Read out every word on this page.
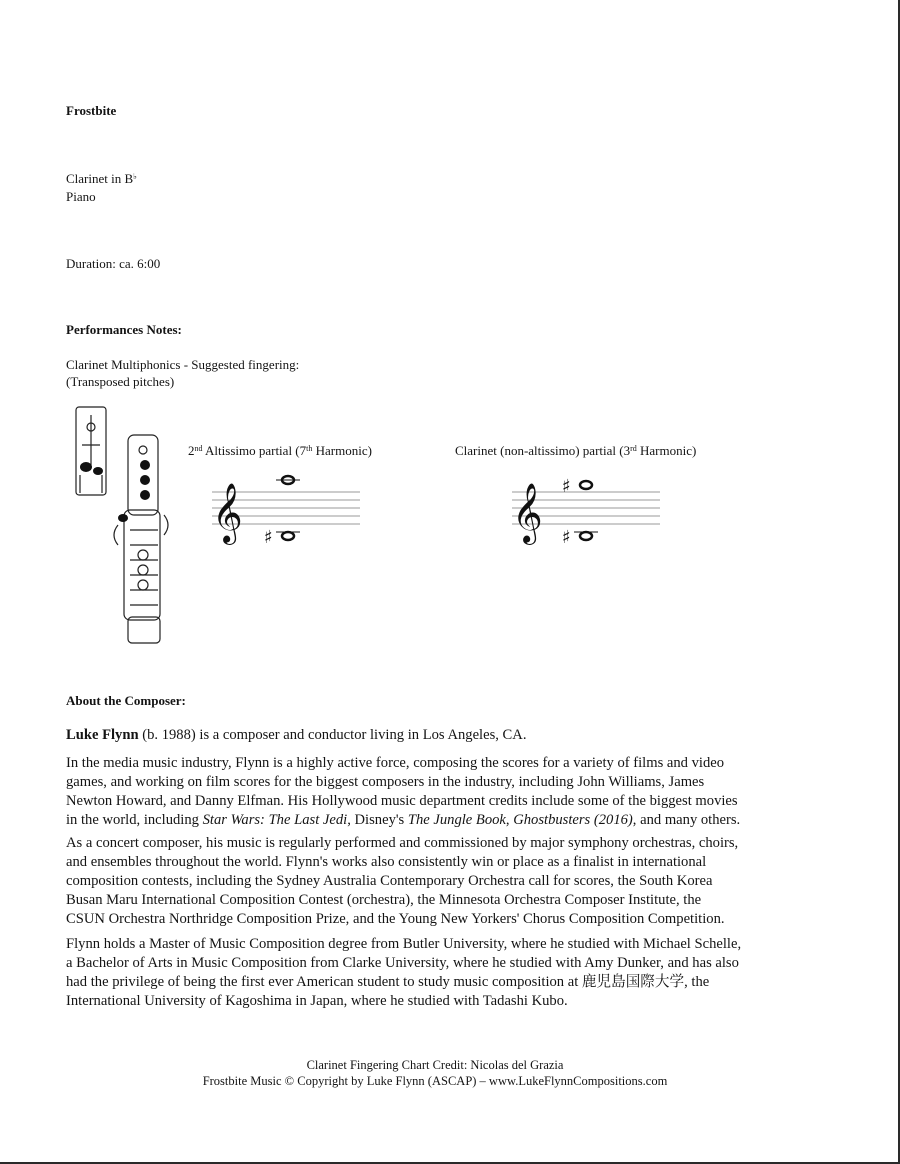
Frostbite
Clarinet in B♭
Piano
Duration: ca. 6:00
Performances Notes:
Clarinet Multiphonics - Suggested fingering:
(Transposed pitches)
2nd Altissimo partial (7th Harmonic)
𝄞 ♯
Clarinet (non-altissimo) partial (3rd Harmonic)
𝄞 ♯
♯
About the Composer:
Luke Flynn (b. 1988) is a composer and conductor living in Los Angeles, CA.
In the media music industry, Flynn is a highly active force, composing the scores for a variety of films and video
games, and working on film scores for the biggest composers in the industry, including John Williams, James
Newton Howard, and Danny Elfman. His Hollywood music department credits include some of the biggest movies
in the world, including Star Wars: The Last Jedi, Disney's The Jungle Book, Ghostbusters (2016), and many others.
As a concert composer, his music is regularly performed and commissioned by major symphony orchestras, choirs,
and ensembles throughout the world. Flynn's works also consistently win or place as a finalist in international
composition contests, including the Sydney Australia Contemporary Orchestra call for scores, the South Korea
Busan Maru International Composition Contest (orchestra), the Minnesota Orchestra Composer Institute, the
CSUN Orchestra Northridge Composition Prize, and the Young New Yorkers' Chorus Composition Competition.
Flynn holds a Master of Music Composition degree from Butler University, where he studied with Michael Schelle,
a Bachelor of Arts in Music Composition from Clarke University, where he studied with Amy Dunker, and has also
had the privilege of being the first ever American student to study music composition at 鹿児島国際大学, the
International University of Kagoshima in Japan, where he studied with Tadashi Kubo.
Clarinet Fingering Chart Credit: Nicolas del Grazia
Frostbite Music © Copyright by Luke Flynn (ASCAP) – www.LukeFlynnCompositions.com
